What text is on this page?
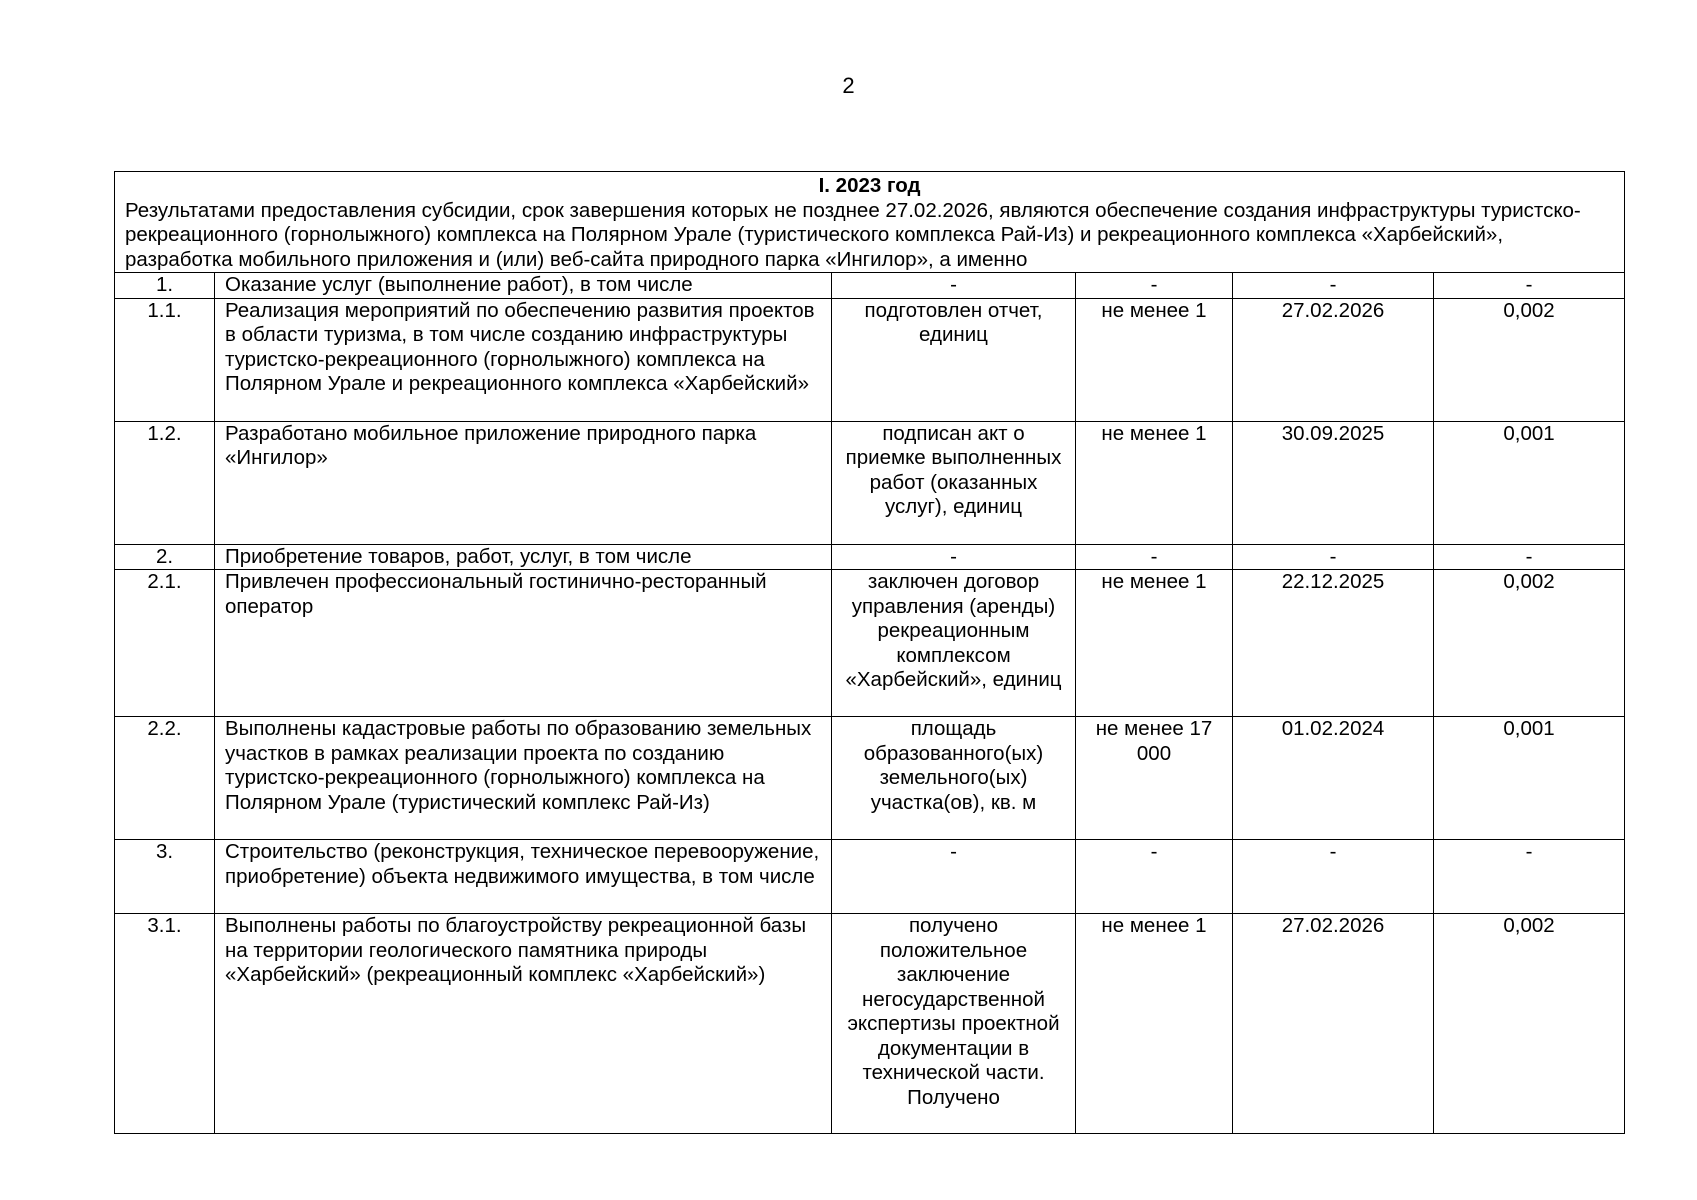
2
I. 2023 год
Результатами предоставления субсидии, срок завершения которых не позднее 27.02.2026, являются обеспечение создания инфраструктуры туристско-рекреационного (горнолыжного) комплекса на Полярном Урале (туристического комплекса Рай-Из) и рекреационного комплекса «Харбейский», разработка мобильного приложения и (или) веб-сайта природного парка «Ингилор», а именно					

1.	Оказание услуг (выполнение работ), в том числе	-	-	-	-
1.1.	Реализация мероприятий по обеспечению развития проектов в области туризма, в том числе созданию инфраструктуры туристско-рекреационного (горнолыжного) комплекса на Полярном Урале и рекреационного комплекса «Харбейский»	подготовлен отчет, единиц	не менее 1	27.02.2026	0,002
1.2.	Разработано мобильное приложение природного парка «Ингилор»	подписан акт о приемке выполненных работ (оказанных услуг), единиц	не менее 1	30.09.2025	0,001
2.	Приобретение товаров, работ, услуг, в том числе	-	-	-	-
2.1.	Привлечен профессиональный гостинично-ресторанный оператор	заключен договор управления (аренды) рекреационным комплексом «Харбейский», единиц	не менее 1	22.12.2025	0,002
2.2.	Выполнены кадастровые работы по образованию земельных участков в рамках реализации проекта по созданию туристско-рекреационного (горнолыжного) комплекса на Полярном Урале (туристический комплекс Рай-Из)	площадь образованного(ых) земельного(ых) участка(ов), кв. м	не менее 17 000	01.02.2024	0,001
3.	Строительство (реконструкция, техническое перевооружение, приобретение) объекта недвижимого имущества, в том числе	-	-	-	-
3.1.	Выполнены работы по благоустройству рекреационной базы на территории геологического памятника природы «Харбейский» (рекреационный комплекс «Харбейский»)	получено положительное заключение негосударственной экспертизы проектной документации в технической части. Получено	не менее 1	27.02.2026	0,002
